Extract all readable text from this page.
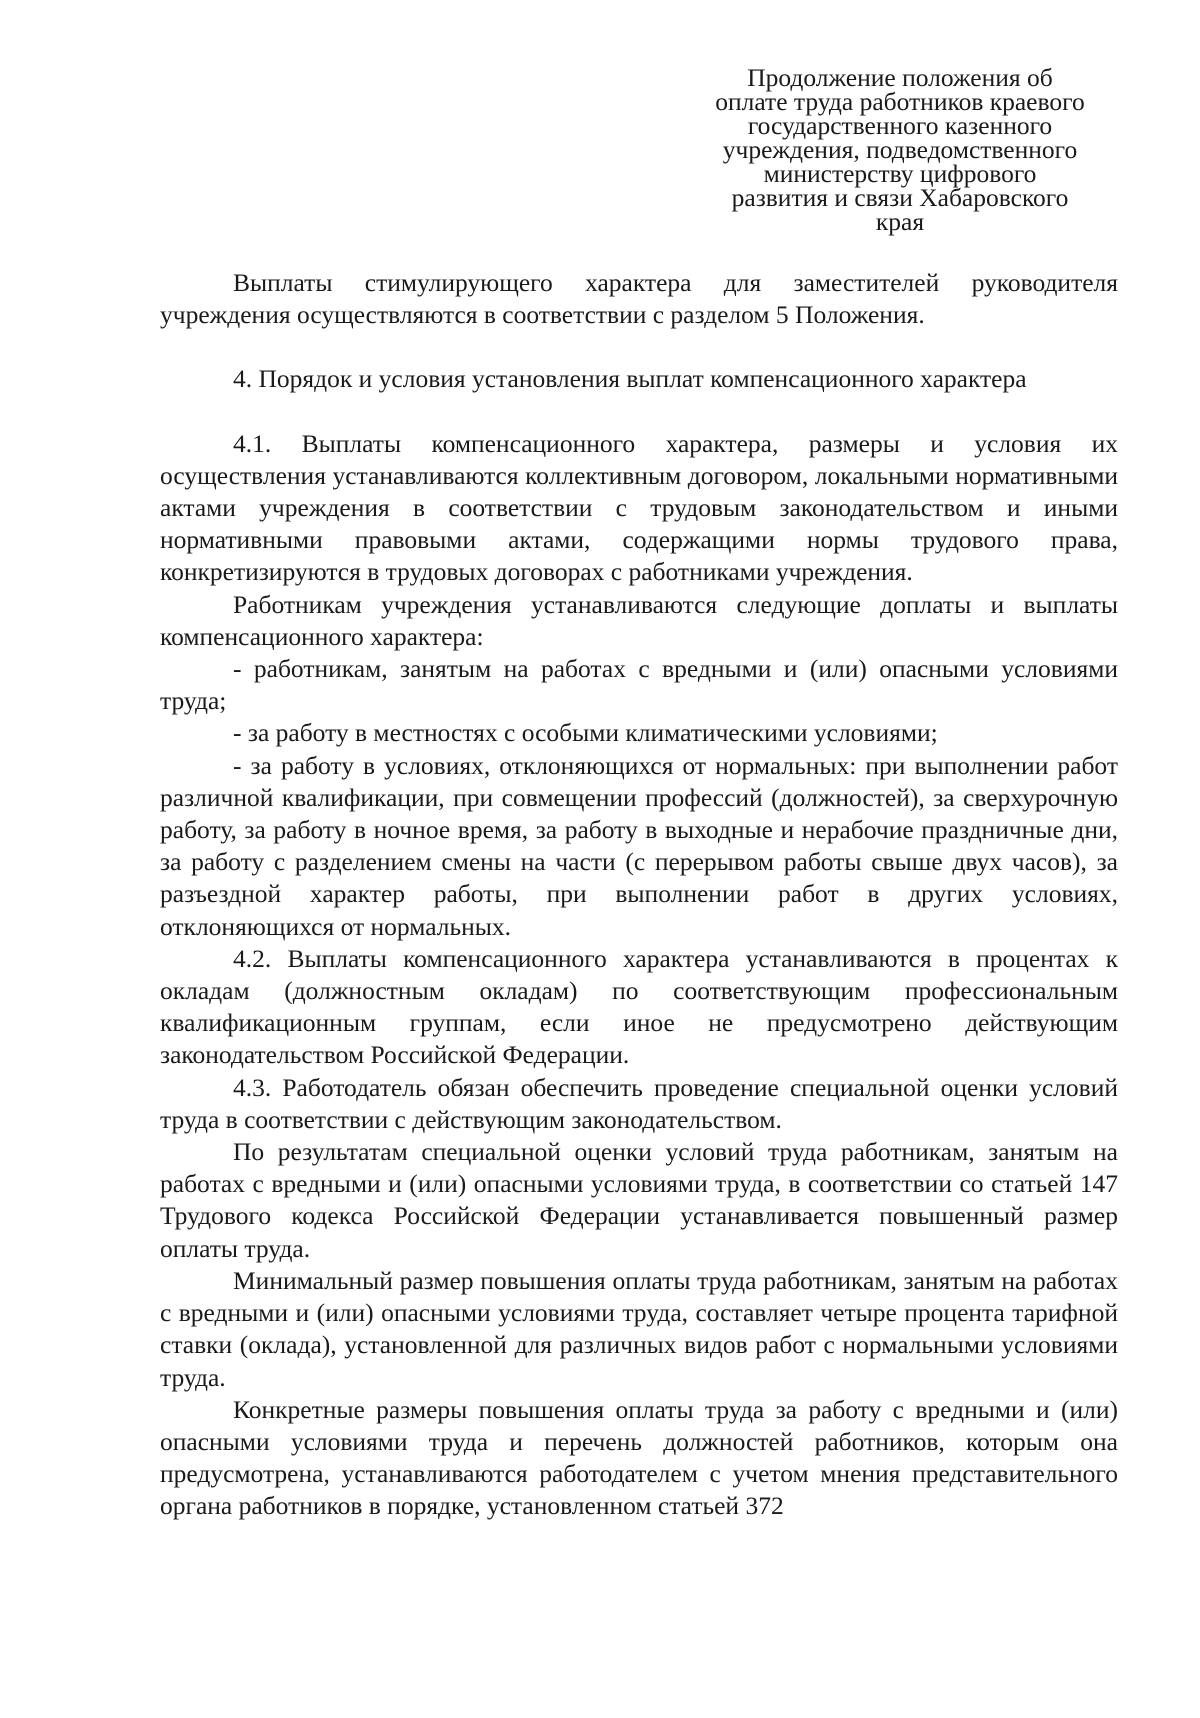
Продолжение положения об
оплате труда работников краевого
государственного казенного
учреждения, подведомственного
министерству цифрового
развития и связи Хабаровского
края

Выплаты стимулирующего характера для заместителей руководителя учреждения осуществляются в соответствии с разделом 5 Положения.

4. Порядок и условия установления выплат компенсационного характера

4.1. Выплаты компенсационного характера, размеры и условия их осуществления устанавливаются коллективным договором, локальными нормативными актами учреждения в соответствии с трудовым законодательством и иными нормативными правовыми актами, содержащими нормы трудового права, конкретизируются в трудовых договорах с работниками учреждения.

Работникам учреждения устанавливаются следующие доплаты и выплаты компенсационного характера:

- работникам, занятым на работах с вредными и (или) опасными условиями труда;

- за работу в местностях с особыми климатическими условиями;

- за работу в условиях, отклоняющихся от нормальных: при выполнении работ различной квалификации, при совмещении профессий (должностей), за сверхурочную работу, за работу в ночное время, за работу в выходные и нерабочие праздничные дни, за работу с разделением смены на части (с перерывом работы свыше двух часов), за разъездной характер работы, при выполнении работ в других условиях, отклоняющихся от нормальных.

4.2. Выплаты компенсационного характера устанавливаются в процентах к окладам (должностным окладам) по соответствующим профессиональным квалификационным группам, если иное не предусмотрено действующим законодательством Российской Федерации.

4.3. Работодатель обязан обеспечить проведение специальной оценки условий труда в соответствии с действующим законодательством.

По результатам специальной оценки условий труда работникам, занятым на работах с вредными и (или) опасными условиями труда, в соответствии со статьей 147 Трудового кодекса Российской Федерации устанавливается повышенный размер оплаты труда.

Минимальный размер повышения оплаты труда работникам, занятым на работах с вредными и (или) опасными условиями труда, составляет четыре процента тарифной ставки (оклада), установленной для различных видов работ с нормальными условиями труда.

Конкретные размеры повышения оплаты труда за работу с вредными и (или) опасными условиями труда и перечень должностей работников, которым она предусмотрена, устанавливаются работодателем с учетом мнения представительного органа работников в порядке, установленном статьей 372
